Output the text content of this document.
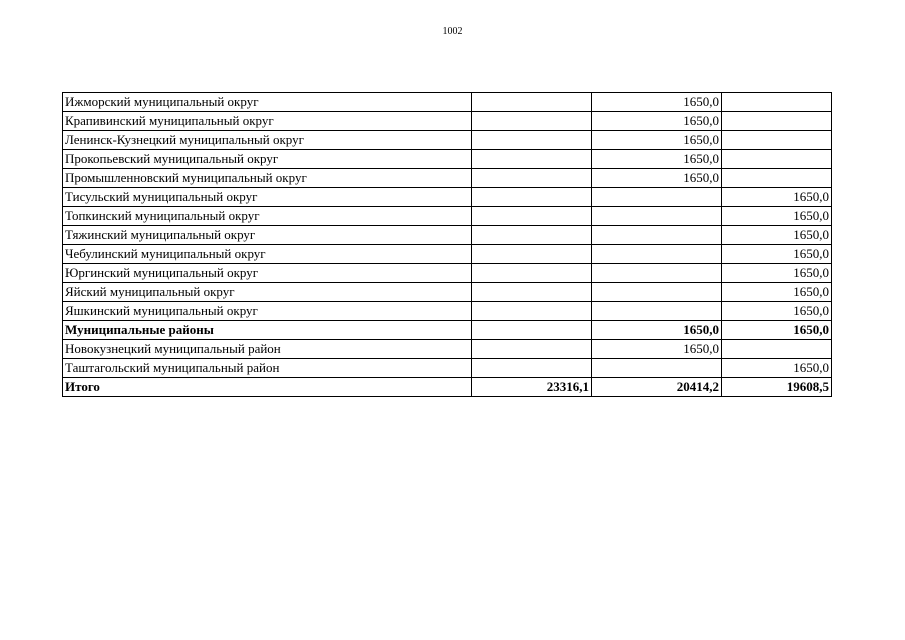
1002
Ижморский муниципальный округ		1650,0	
Крапивинский муниципальный округ		1650,0	
Ленинск-Кузнецкий муниципальный округ		1650,0	
Прокопьевский муниципальный округ		1650,0	
Промышленновский муниципальный округ		1650,0	
Тисульский муниципальный округ			1650,0
Топкинский муниципальный округ			1650,0
Тяжинский муниципальный округ			1650,0
Чебулинский муниципальный округ			1650,0
Юргинский муниципальный округ			1650,0
Яйский муниципальный округ			1650,0
Яшкинский муниципальный округ			1650,0
Муниципальные районы		1650,0	1650,0
Новокузнецкий муниципальный район		1650,0	
Таштагольский муниципальный район			1650,0
Итого	23316,1	20414,2	19608,5
